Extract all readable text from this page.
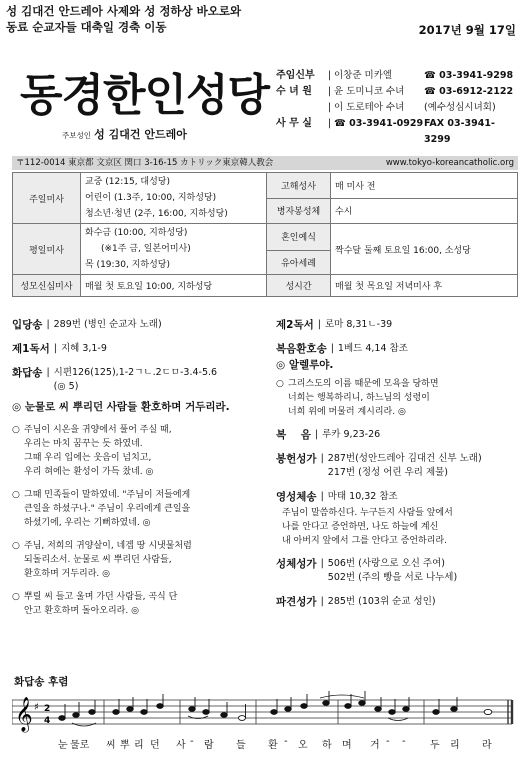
성 김대건 안드레아 사제와 성 정하상 바오로와
동료 순교자들 대축일 경축 이동	2017년 9월 17일
동경한인성당
주보성인 성 김대건 안드레아
주임신부	| 이창준 미카엘	☎ 03-3941-9298
수 녀 원	| 윤 도미니코 수녀	☎ 03-6912-2122
| 이 도로테아 수녀	(예수성심시녀회)
사 무 실	| ☎ 03-3941-0929 FAX 03-3941-3299
〒112-0014 東京都 文京区 関口 3-16-15 カトリック東京韓人教会	www.tokyo-koreancatholic.org
주일미사	교중 (12:15, 대성당)
어린이 (1.3주, 10:00, 지하성당)
청소년·청년 (2주, 16:00, 지하성당)	고해성사	매 미사 전
		병자봉성체	수시
평일미사	화수금 (10:00, 지하성당)
(※1주 금, 일본어미사)
목 (19:30, 지하성당)	혼인예식	짝수달 둘째 토요일 16:00, 소성당
		유아세례	
성모신심미사	매월 첫 토요일 10:00, 지하성당	성시간	매월 첫 목요일 저녁미사 후
입당송 | 289번 (병인 순교자 노래)
제1독서 | 지혜 3,1-9
화답송 | 시편126(125),1-2ㄱㄴ.2ㄷㅁ-3.4-5.6
(◎ 5)
◎ 눈물로 씨 뿌리던 사람들 환호하며 거두리라.
○ 주님이 시온을 귀양에서 풀어 주실 때,
우리는 마치 꿈꾸는 듯 하였네.
그때 우리 입에는 웃음이 넘치고,
우리 혀에는 환성이 가득 찼네. ◎
○ 그때 민족들이 말하였네. "주님이 저들에게
큰일을 하셨구나." 주님이 우리에게 큰일을
하셨기에, 우리는 기뻐하였네. ◎
○ 주님, 저희의 귀양살이, 네겝 땅 시냇물처럼
되돌리소서. 눈물로 씨 뿌리던 사람들,
환호하며 거두리라. ◎
○ 뿌릴 씨 들고 울며 가던 사람들, 곡식 단
안고 환호하며 돌아오리라. ◎
제2독서 | 로마 8,31ㄴ-39
복음환호송 | 1베드 4,14 참조
◎ 알렐루야.
○ 그리스도의 이름 때문에 모욕을 당하면
너희는 행복하리니, 하느님의 성령이
너희 위에 머물러 계시리라. ◎
복    음 | 루카 9,23-26
봉헌성가 | 287번(성안드레아 김대건 신부 노래)
217번 (정성 어린 우리 제물)
영성체송 | 마태 10,32 참조
주님이 말씀하신다. 누구든지 사람들 앞에서
나를 안다고 증언하면, 나도 하늘에 계신
내 아버지 앞에서 그를 안다고 증언하리라.
성체성가 | 506번 (사랑으로 오신 주여)
502번 (주의 빵을 서로 나누세)
파견성가 | 285번 (103위 순교 성인)
화답송 후렴
𝄞 ♯ 2
4
눈 물로 씨 뿌 리 던 사 - 람 들 환 - 오 하 며 거 - - 두 리 라
